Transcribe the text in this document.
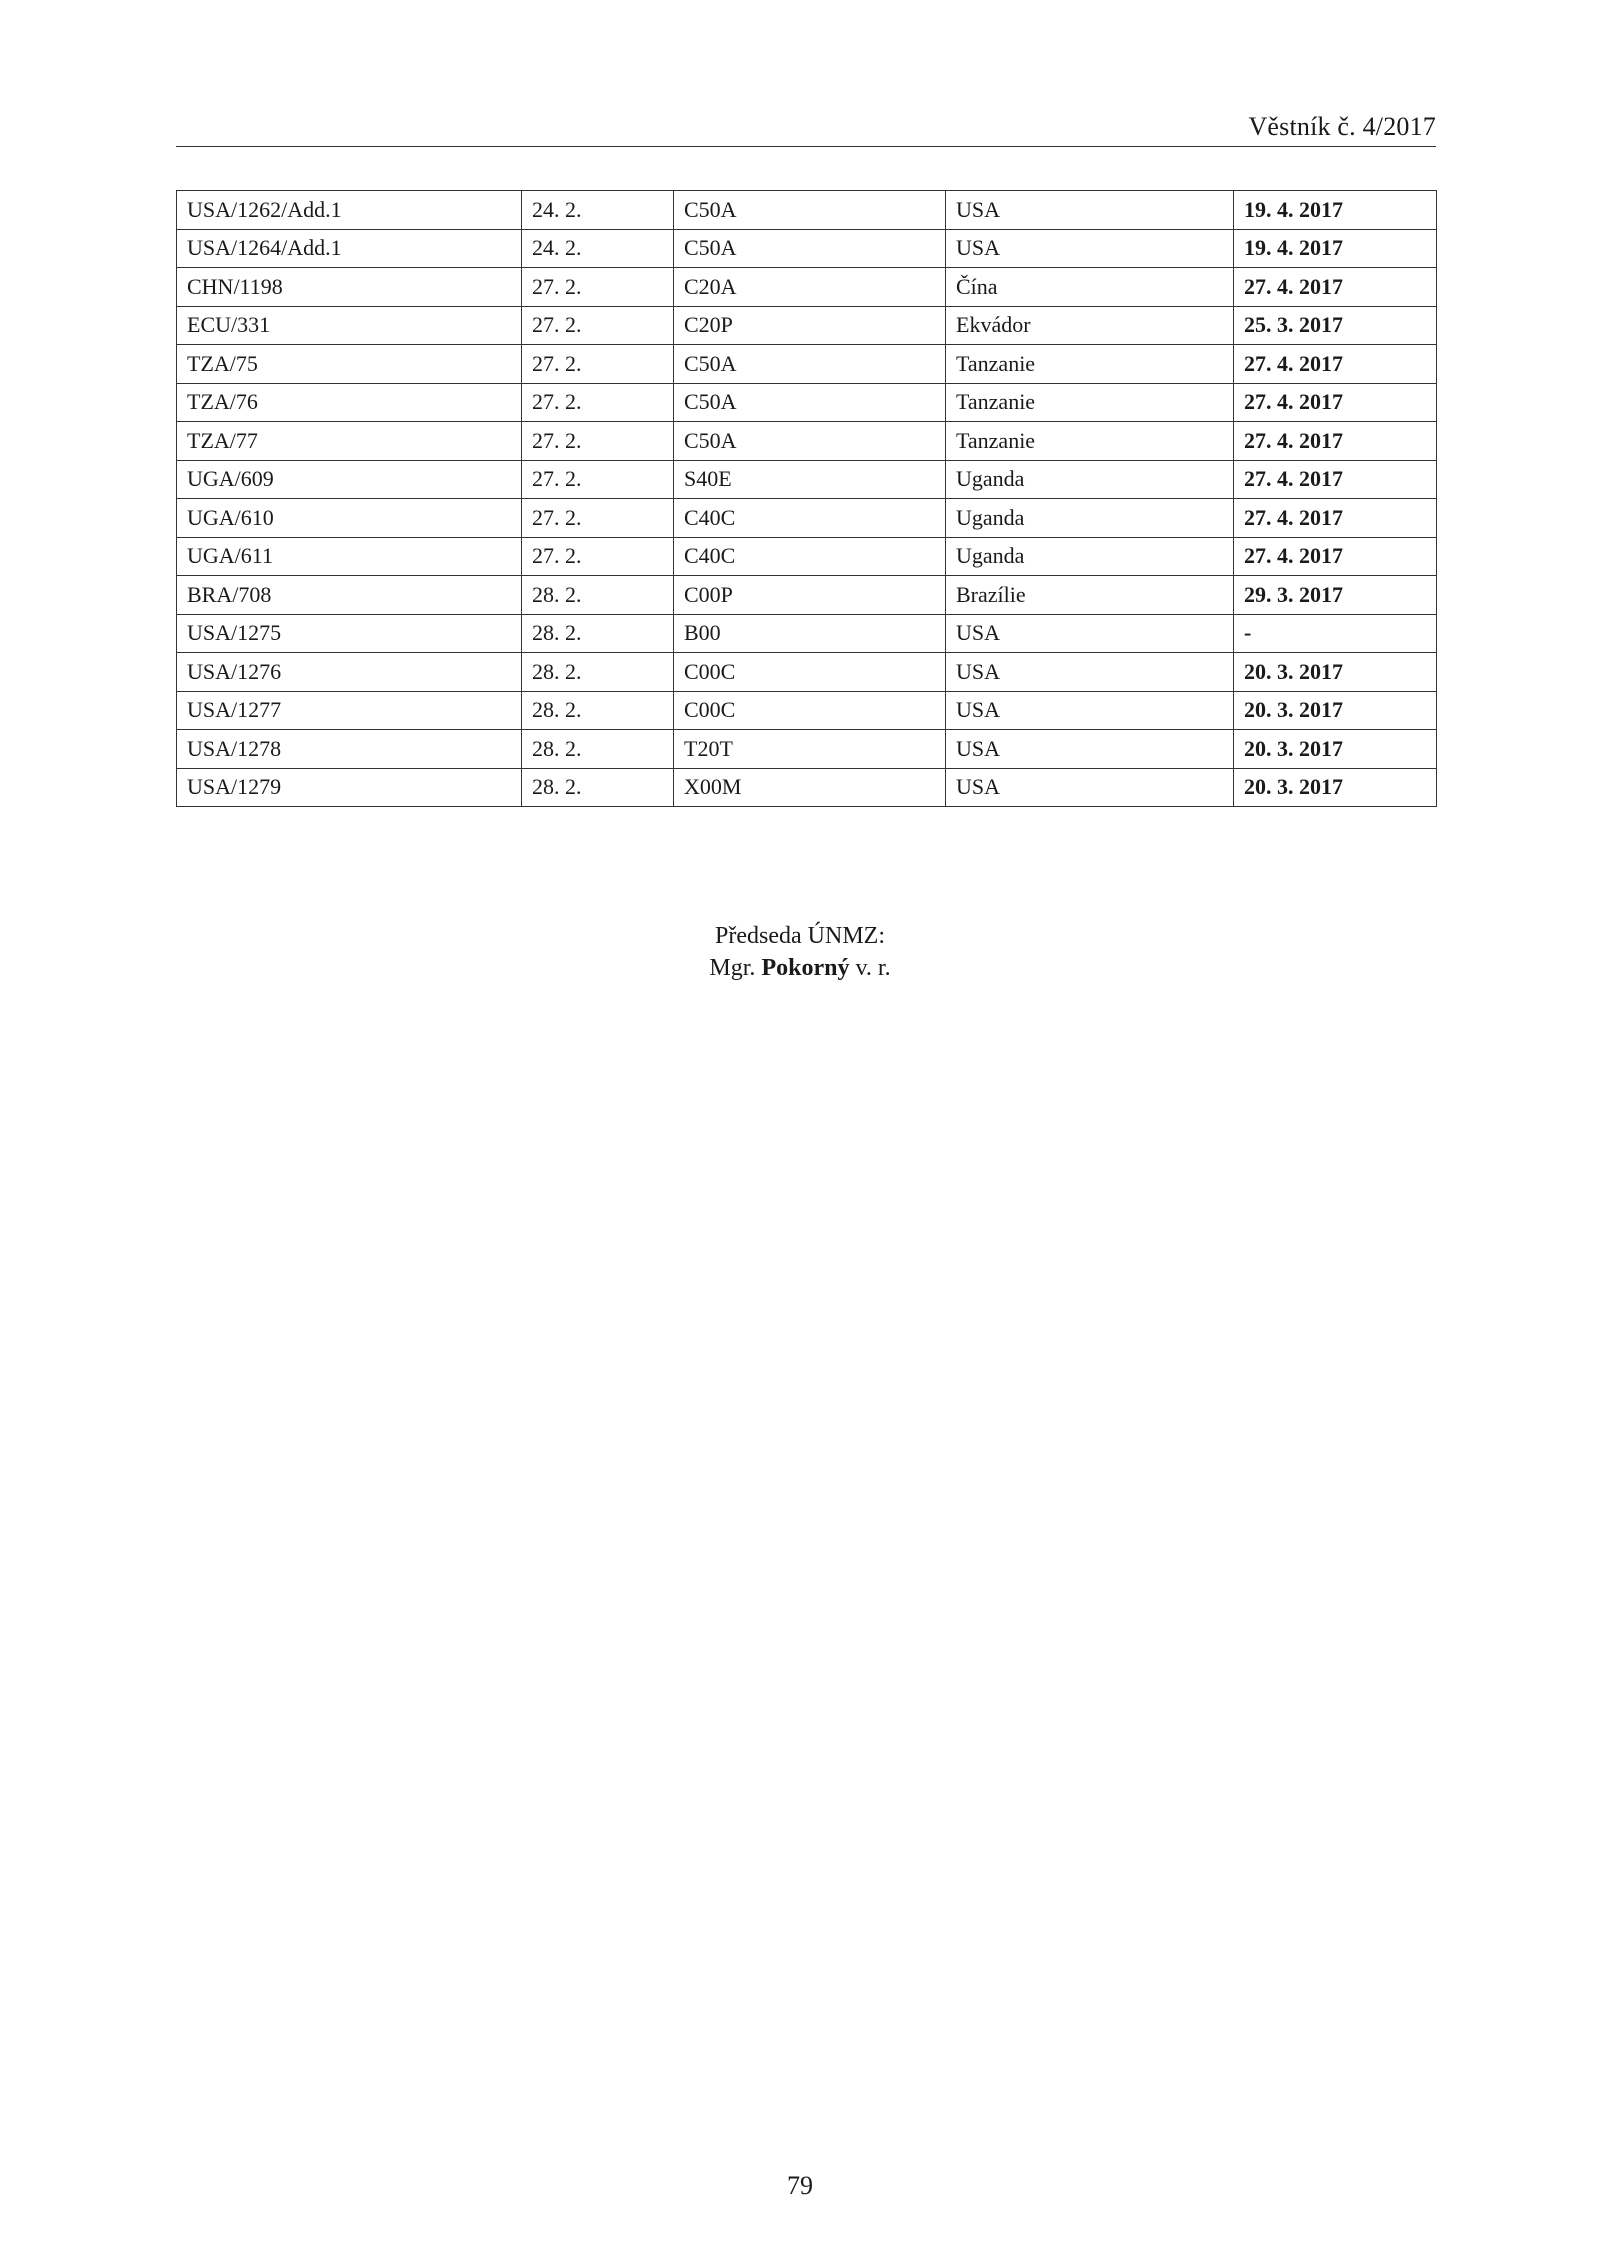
Věstník č. 4/2017
USA/1262/Add.1	24. 2.	C50A	USA	19. 4. 2017
USA/1264/Add.1	24. 2.	C50A	USA	19. 4. 2017
CHN/1198	27. 2.	C20A	Čína	27. 4. 2017
ECU/331	27. 2.	C20P	Ekvádor	25. 3. 2017
TZA/75	27. 2.	C50A	Tanzanie	27. 4. 2017
TZA/76	27. 2.	C50A	Tanzanie	27. 4. 2017
TZA/77	27. 2.	C50A	Tanzanie	27. 4. 2017
UGA/609	27. 2.	S40E	Uganda	27. 4. 2017
UGA/610	27. 2.	C40C	Uganda	27. 4. 2017
UGA/611	27. 2.	C40C	Uganda	27. 4. 2017
BRA/708	28. 2.	C00P	Brazílie	29. 3. 2017
USA/1275	28. 2.	B00	USA	-
USA/1276	28. 2.	C00C	USA	20. 3. 2017
USA/1277	28. 2.	C00C	USA	20. 3. 2017
USA/1278	28. 2.	T20T	USA	20. 3. 2017
USA/1279	28. 2.	X00M	USA	20. 3. 2017
Předseda ÚNMZ:
Mgr. Pokorný v. r.
79
